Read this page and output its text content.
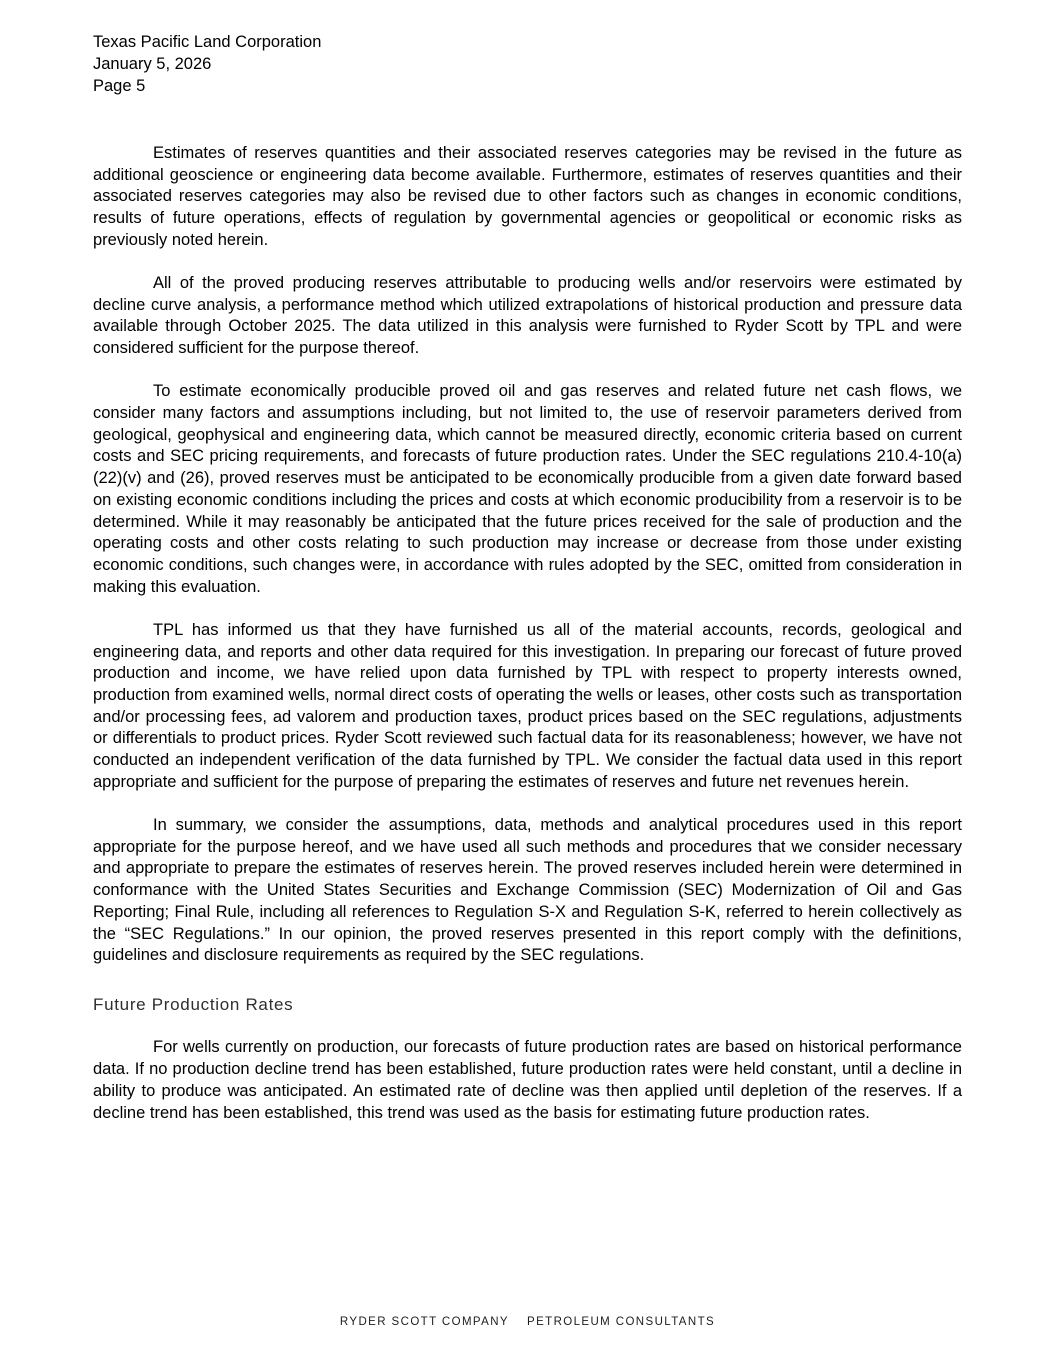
Texas Pacific Land Corporation
January 5, 2026
Page 5

Estimates of reserves quantities and their associated reserves categories may be revised in the future as additional geoscience or engineering data become available. Furthermore, estimates of reserves quantities and their associated reserves categories may also be revised due to other factors such as changes in economic conditions, results of future operations, effects of regulation by governmental agencies or geopolitical or economic risks as previously noted herein.

All of the proved producing reserves attributable to producing wells and/or reservoirs were estimated by decline curve analysis, a performance method which utilized extrapolations of historical production and pressure data available through October 2025. The data utilized in this analysis were furnished to Ryder Scott by TPL and were considered sufficient for the purpose thereof.

To estimate economically producible proved oil and gas reserves and related future net cash flows, we consider many factors and assumptions including, but not limited to, the use of reservoir parameters derived from geological, geophysical and engineering data, which cannot be measured directly, economic criteria based on current costs and SEC pricing requirements, and forecasts of future production rates. Under the SEC regulations 210.4-10(a)(22)(v) and (26), proved reserves must be anticipated to be economically producible from a given date forward based on existing economic conditions including the prices and costs at which economic producibility from a reservoir is to be determined. While it may reasonably be anticipated that the future prices received for the sale of production and the operating costs and other costs relating to such production may increase or decrease from those under existing economic conditions, such changes were, in accordance with rules adopted by the SEC, omitted from consideration in making this evaluation.

TPL has informed us that they have furnished us all of the material accounts, records, geological and engineering data, and reports and other data required for this investigation. In preparing our forecast of future proved production and income, we have relied upon data furnished by TPL with respect to property interests owned, production from examined wells, normal direct costs of operating the wells or leases, other costs such as transportation and/or processing fees, ad valorem and production taxes, product prices based on the SEC regulations, adjustments or differentials to product prices. Ryder Scott reviewed such factual data for its reasonableness; however, we have not conducted an independent verification of the data furnished by TPL. We consider the factual data used in this report appropriate and sufficient for the purpose of preparing the estimates of reserves and future net revenues herein.

In summary, we consider the assumptions, data, methods and analytical procedures used in this report appropriate for the purpose hereof, and we have used all such methods and procedures that we consider necessary and appropriate to prepare the estimates of reserves herein. The proved reserves included herein were determined in conformance with the United States Securities and Exchange Commission (SEC) Modernization of Oil and Gas Reporting; Final Rule, including all references to Regulation S-X and Regulation S-K, referred to herein collectively as the “SEC Regulations.” In our opinion, the proved reserves presented in this report comply with the definitions, guidelines and disclosure requirements as required by the SEC regulations.

Future Production Rates

For wells currently on production, our forecasts of future production rates are based on historical performance data. If no production decline trend has been established, future production rates were held constant, until a decline in ability to produce was anticipated. An estimated rate of decline was then applied until depletion of the reserves. If a decline trend has been established, this trend was used as the basis for estimating future production rates.

RYDER SCOTT COMPANY PETROLEUM CONSULTANTS
